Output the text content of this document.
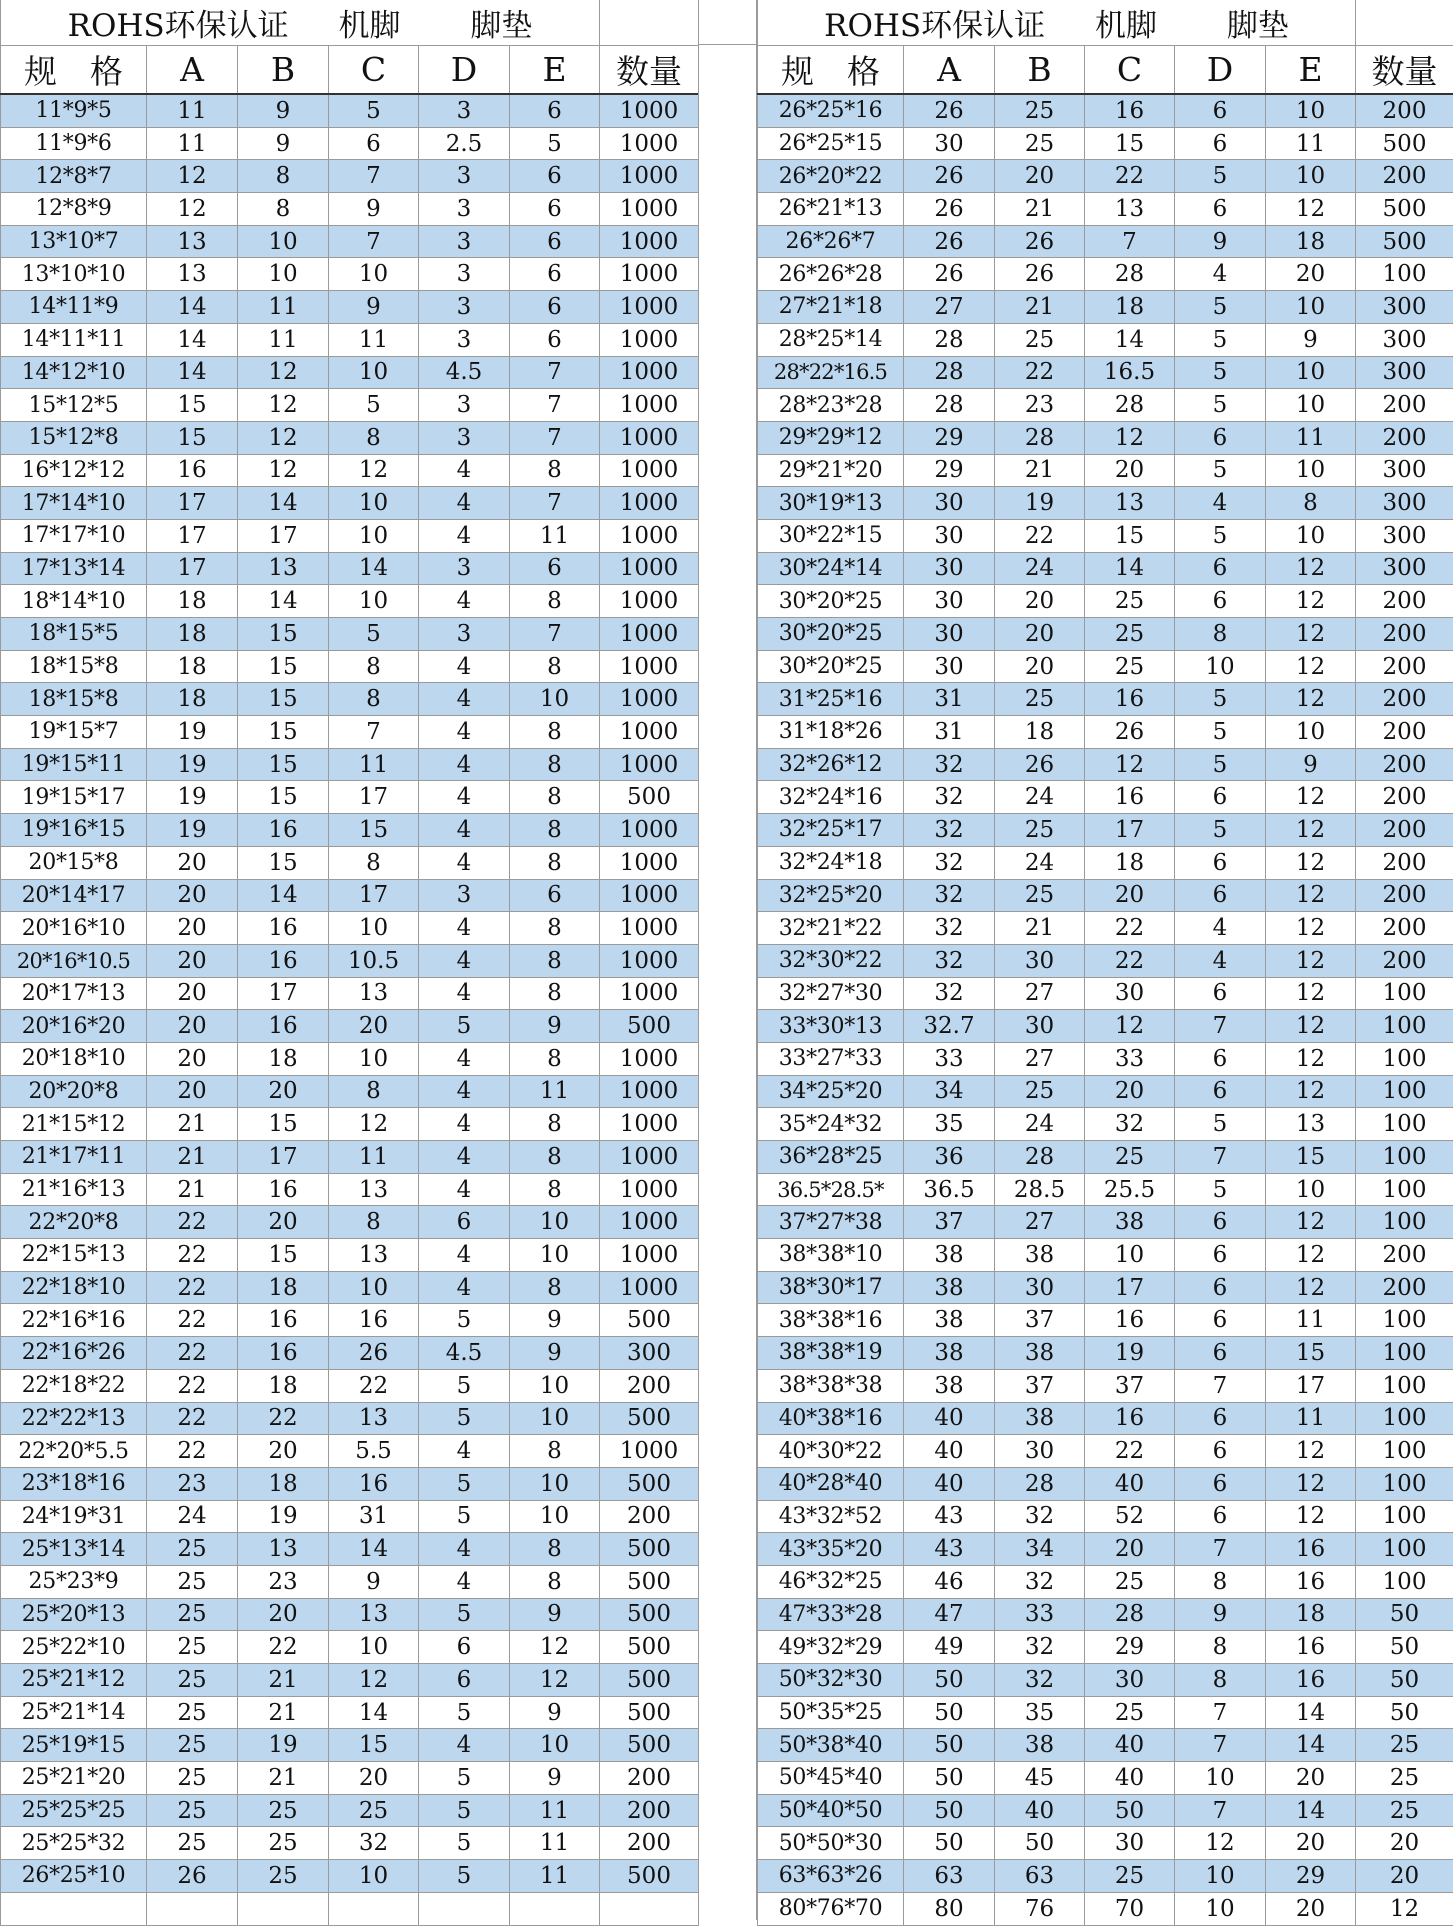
ROHS环保认证 机脚 脚垫						
规　格	A	B	C	D	E	数量
11*9*5	11	9	5	3	6	1000
11*9*6	11	9	6	2.5	5	1000
12*8*7	12	8	7	3	6	1000
12*8*9	12	8	9	3	6	1000
13*10*7	13	10	7	3	6	1000
13*10*10	13	10	10	3	6	1000
14*11*9	14	11	9	3	6	1000
14*11*11	14	11	11	3	6	1000
14*12*10	14	12	10	4.5	7	1000
15*12*5	15	12	5	3	7	1000
15*12*8	15	12	8	3	7	1000
16*12*12	16	12	12	4	8	1000
17*14*10	17	14	10	4	7	1000
17*17*10	17	17	10	4	11	1000
17*13*14	17	13	14	3	6	1000
18*14*10	18	14	10	4	8	1000
18*15*5	18	15	5	3	7	1000
18*15*8	18	15	8	4	8	1000
18*15*8	18	15	8	4	10	1000
19*15*7	19	15	7	4	8	1000
19*15*11	19	15	11	4	8	1000
19*15*17	19	15	17	4	8	500
19*16*15	19	16	15	4	8	1000
20*15*8	20	15	8	4	8	1000
20*14*17	20	14	17	3	6	1000
20*16*10	20	16	10	4	8	1000
20*16*10.5	20	16	10.5	4	8	1000
20*17*13	20	17	13	4	8	1000
20*16*20	20	16	20	5	9	500
20*18*10	20	18	10	4	8	1000
20*20*8	20	20	8	4	11	1000
21*15*12	21	15	12	4	8	1000
21*17*11	21	17	11	4	8	1000
21*16*13	21	16	13	4	8	1000
22*20*8	22	20	8	6	10	1000
22*15*13	22	15	13	4	10	1000
22*18*10	22	18	10	4	8	1000
22*16*16	22	16	16	5	9	500
22*16*26	22	16	26	4.5	9	300
22*18*22	22	18	22	5	10	200
22*22*13	22	22	13	5	10	500
22*20*5.5	22	20	5.5	4	8	1000
23*18*16	23	18	16	5	10	500
24*19*31	24	19	31	5	10	200
25*13*14	25	13	14	4	8	500
25*23*9	25	23	9	4	8	500
25*20*13	25	20	13	5	9	500
25*22*10	25	22	10	6	12	500
25*21*12	25	21	12	6	12	500
25*21*14	25	21	14	5	9	500
25*19*15	25	19	15	4	10	500
25*21*20	25	21	20	5	9	200
25*25*25	25	25	25	5	11	200
25*25*32	25	25	32	5	11	200
26*25*10	26	25	10	5	11	500

ROHS环保认证 机脚 脚垫						
规　格	A	B	C	D	E	数量
26*25*16	26	25	16	6	10	200
26*25*15	30	25	15	6	11	500
26*20*22	26	20	22	5	10	200
26*21*13	26	21	13	6	12	500
26*26*7	26	26	7	9	18	500
26*26*28	26	26	28	4	20	100
27*21*18	27	21	18	5	10	300
28*25*14	28	25	14	5	9	300
28*22*16.5	28	22	16.5	5	10	300
28*23*28	28	23	28	5	10	200
29*29*12	29	28	12	6	11	200
29*21*20	29	21	20	5	10	300
30*19*13	30	19	13	4	8	300
30*22*15	30	22	15	5	10	300
30*24*14	30	24	14	6	12	300
30*20*25	30	20	25	6	12	200
30*20*25	30	20	25	8	12	200
30*20*25	30	20	25	10	12	200
31*25*16	31	25	16	5	12	200
31*18*26	31	18	26	5	10	200
32*26*12	32	26	12	5	9	200
32*24*16	32	24	16	6	12	200
32*25*17	32	25	17	5	12	200
32*24*18	32	24	18	6	12	200
32*25*20	32	25	20	6	12	200
32*21*22	32	21	22	4	12	200
32*30*22	32	30	22	4	12	200
32*27*30	32	27	30	6	12	100
33*30*13	32.7	30	12	7	12	100
33*27*33	33	27	33	6	12	100
34*25*20	34	25	20	6	12	100
35*24*32	35	24	32	5	13	100
36*28*25	36	28	25	7	15	100
36.5*28.5*	36.5	28.5	25.5	5	10	100
37*27*38	37	27	38	6	12	100
38*38*10	38	38	10	6	12	200
38*30*17	38	30	17	6	12	200
38*38*16	38	37	16	6	11	100
38*38*19	38	38	19	6	15	100
38*38*38	38	37	37	7	17	100
40*38*16	40	38	16	6	11	100
40*30*22	40	30	22	6	12	100
40*28*40	40	28	40	6	12	100
43*32*52	43	32	52	6	12	100
43*35*20	43	34	20	7	16	100
46*32*25	46	32	25	8	16	100
47*33*28	47	33	28	9	18	50
49*32*29	49	32	29	8	16	50
50*32*30	50	32	30	8	16	50
50*35*25	50	35	25	7	14	50
50*38*40	50	38	40	7	14	25
50*45*40	50	45	40	10	20	25
50*40*50	50	40	50	7	14	25
50*50*30	50	50	30	12	20	20
63*63*26	63	63	25	10	29	20
80*76*70	80	76	70	10	20	12
